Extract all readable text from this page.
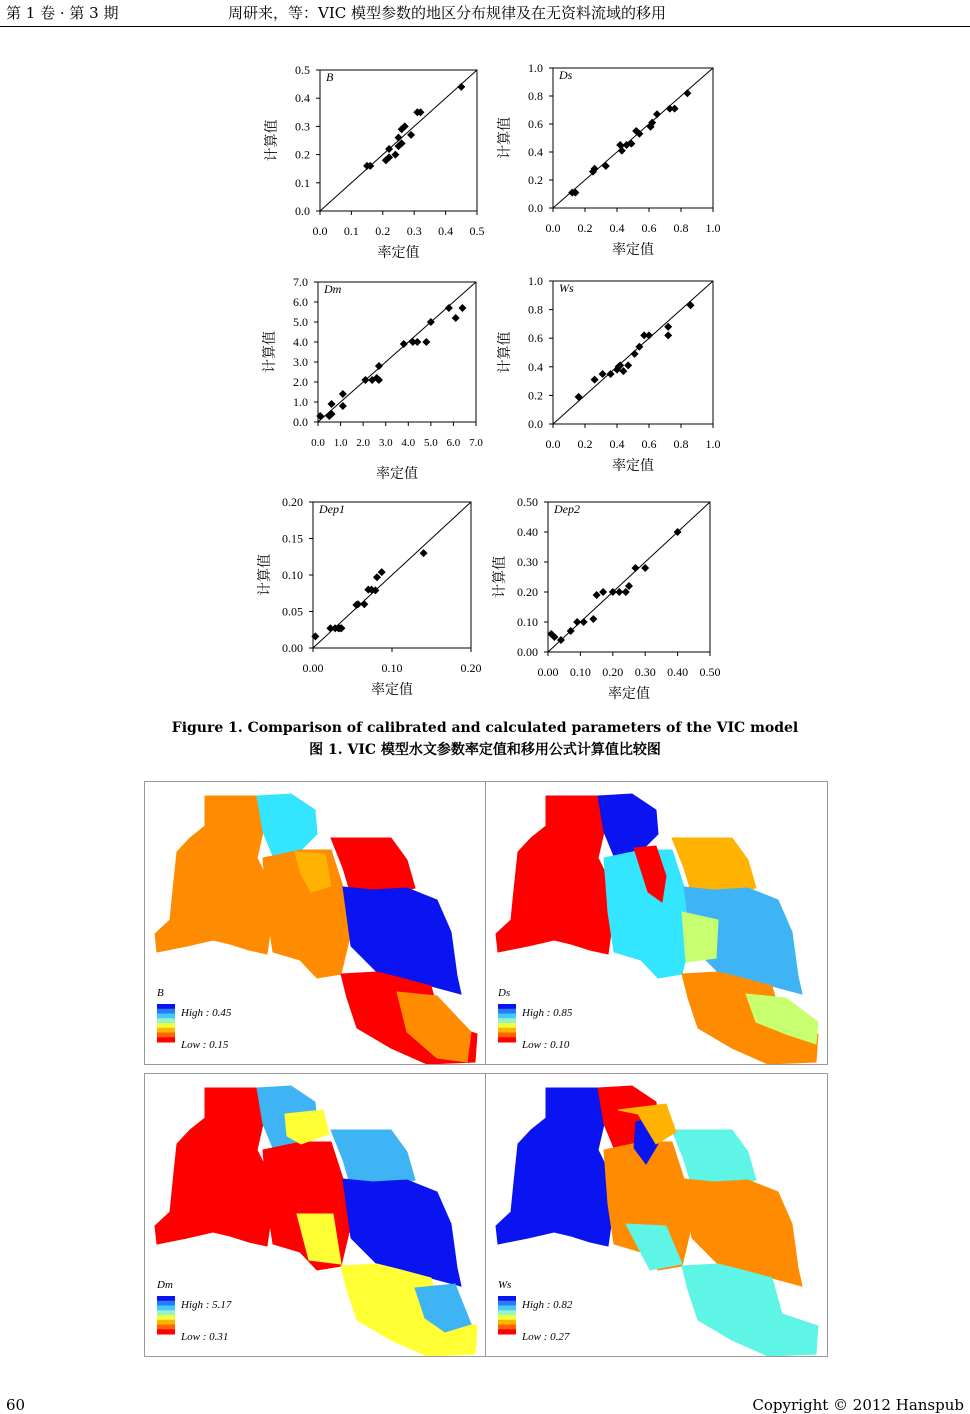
第 1 卷 · 第 3 期	周研来，等：VIC 模型参数的地区分布规律及在无资料流域的移用
B
0.0
0.1
0.2
0.3
0.4
0.5
0.0 0.1 0.2 0.3 0.4 0.5
率定值
计算值
Ds
0.0
0.2
0.4
0.6
0.8
1.0
0.0 0.2 0.4 0.6 0.8 1.0
率定值
计算值
Dm
0.0
1.0
2.0
3.0
4.0
5.0
6.0
7.0
0.0 1.0 2.0 3.0 4.0 5.0 6.0 7.0
率定值
计算值
Ws
0.0
0.2
0.4
0.6
0.8
1.0
0.0 0.2 0.4 0.6 0.8 1.0
率定值
计算值
Dep1
0.00
0.05
0.10
0.15
0.20
0.00	0.10	0.20
率定值
计算值
Dep2
0.00
0.10
0.20
0.30
0.40
0.50
0.00 0.10 0.20 0.30 0.40 0.50
率定值
计算值
Figure 1. Comparison of calibrated and calculated parameters of the VIC model
图 1. VIC 模型水文参数率定值和移用公式计算值比较图
B
High : 0.45
Low : 0.15
Ds
High : 0.85
Low : 0.10
Dm
High : 5.17
Low : 0.31
Ws
High : 0.82
Low : 0.27
60	Copyright © 2012 Hanspub
